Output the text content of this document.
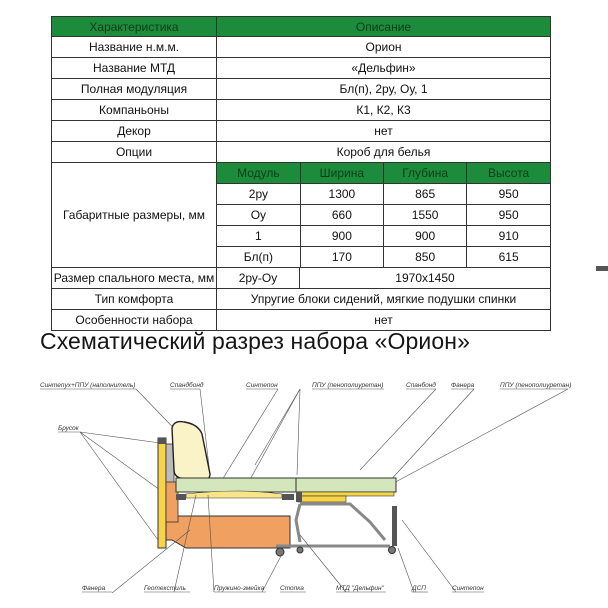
Характеристика	Описание
Название н.м.м.	Орион
Название МТД	«Дельфин»
Полная модуляция	Бл(п), 2ру, Оу, 1
Компаньоны	К1, К2, К3
Декор	нет
Опции	Короб для белья
Габаритные размеры, мм	
Модуль	Ширина	Глубина	Высота
2ру	1300	865	950
Оу	660	1550	950
1	900	900	910
Бл(п)	170	850	615

Размер спального места, мм	2ру-Оу	1970x1450

Тип комфорта	Упругие блоки сидений, мягкие подушки спинки
Особенности набора	нет
Схематический разрез набора «Орион»
Синтепух+ППУ (наполнитель)	Спандбонд	Синтепон	ППУ (пенополиуретан)	Спанбонд Фанера	ППУ (пенополиуретан)
Брусок
Фанера	Геотекстиль	Пружино-змейка Стопка	МТД "Дельфин"	ДСП	Синтепон
